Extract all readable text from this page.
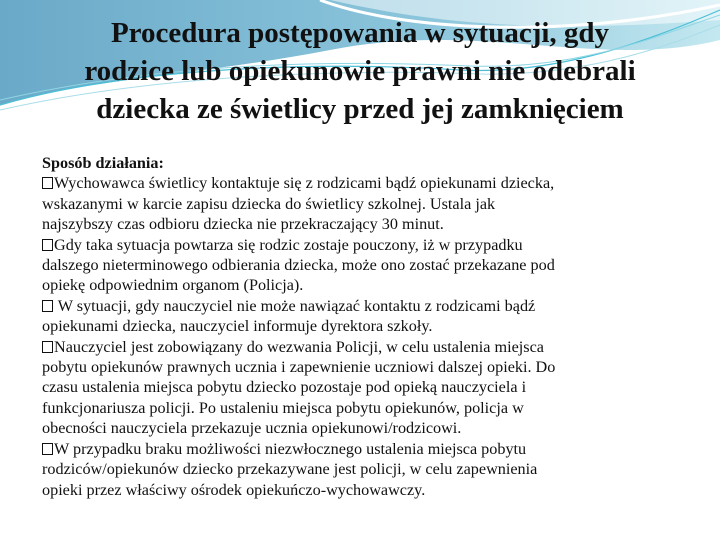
Procedura postępowania w sytuacji, gdy
rodzice lub opiekunowie prawni nie odebrali
dziecka ze świetlicy przed jej zamknięciem
Sposób działania:
Wychowawca świetlicy kontaktuje się z rodzicami bądź opiekunami dziecka,
wskazanymi w karcie zapisu dziecka do świetlicy szkolnej. Ustala jak
najszybszy czas odbioru dziecka nie przekraczający 30 minut.
Gdy taka sytuacja powtarza się rodzic zostaje pouczony, iż w przypadku
dalszego nieterminowego odbierania dziecka, może ono zostać przekazane pod
opiekę odpowiednim organom (Policja).
W sytuacji, gdy nauczyciel nie może nawiązać kontaktu z rodzicami bądź
opiekunami dziecka, nauczyciel informuje dyrektora szkoły.
Nauczyciel jest zobowiązany do wezwania Policji, w celu ustalenia miejsca
pobytu opiekunów prawnych ucznia i zapewnienie uczniowi dalszej opieki. Do
czasu ustalenia miejsca pobytu dziecko pozostaje pod opieką nauczyciela i
funkcjonariusza policji. Po ustaleniu miejsca pobytu opiekunów, policja w
obecności nauczyciela przekazuje ucznia opiekunowi/rodzicowi.
W przypadku braku możliwości niezwłocznego ustalenia miejsca pobytu
rodziców/opiekunów dziecko przekazywane jest policji, w celu zapewnienia
opieki przez właściwy ośrodek opiekuńczo-wychowawczy.
